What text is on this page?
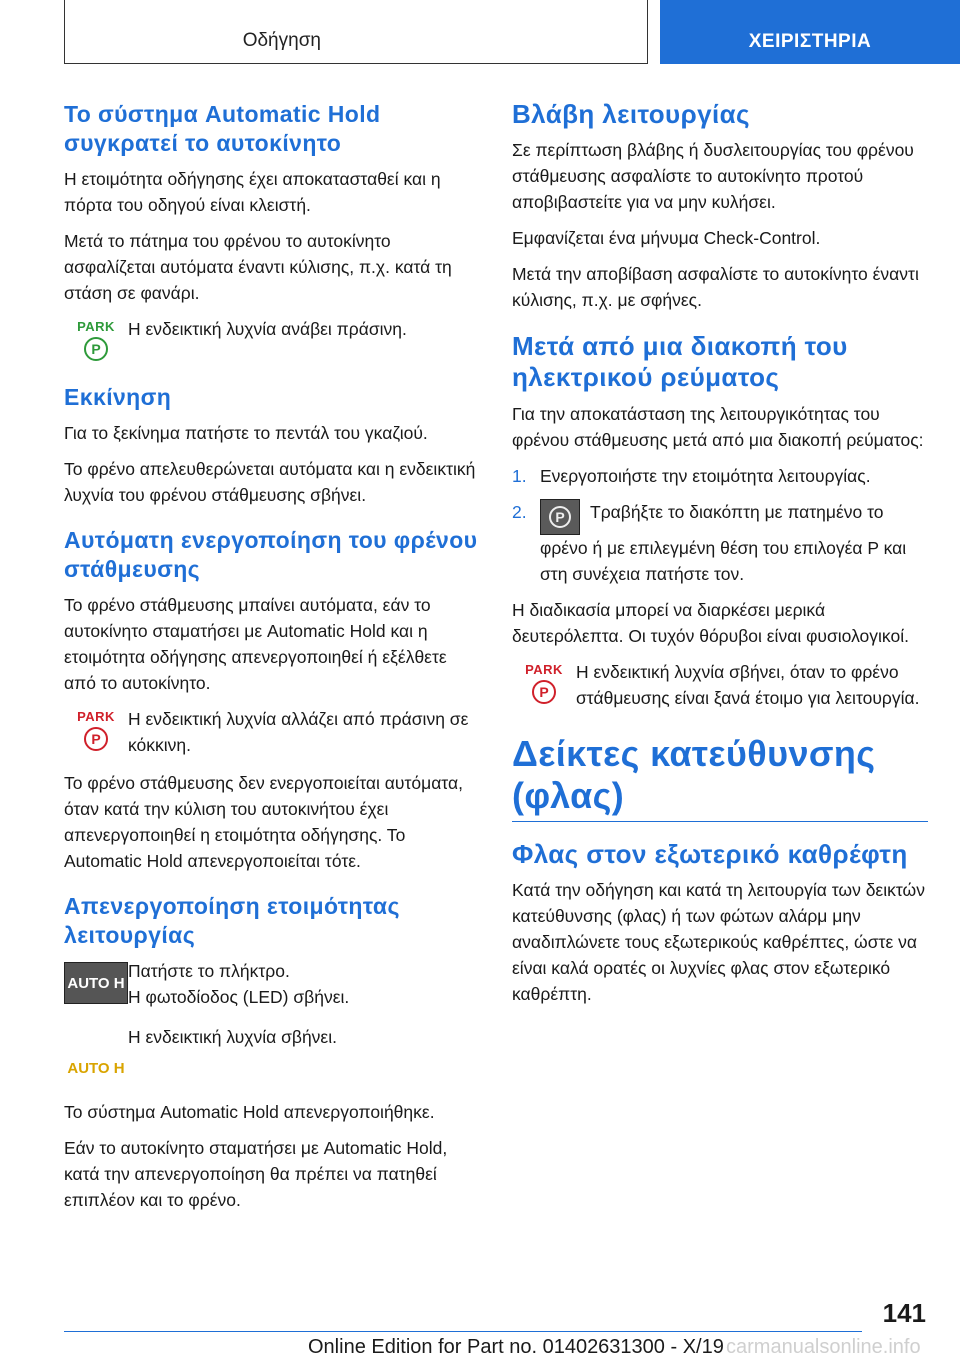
Οδήγηση	ΧΕΙΡΙΣΤΗΡΙΑ
Το σύστημα Automatic Hold συγκρατεί το αυτοκίνητο

Η ετοιμότητα οδήγησης έχει αποκατασταθεί και η πόρτα του οδηγού είναι κλειστή.

Μετά το πάτημα του φρένου το αυτοκίνητο ασφαλίζεται αυτόματα έναντι κύλισης, π.χ. κατά τη στάση σε φανάρι.

PARK
P

Η ενδεικτική λυχνία ανάβει πράσινη.

Εκκίνηση

Για το ξεκίνημα πατήστε το πεντάλ του γκαζιού.

Το φρένο απελευθερώνεται αυτόματα και η ενδεικτική λυχνία του φρένου στάθμευσης σβήνει.

Αυτόματη ενεργοποίηση του φρένου στάθμευσης

Το φρένο στάθμευσης μπαίνει αυτόματα, εάν το αυτοκίνητο σταματήσει με Automatic Hold και η ετοιμότητα οδήγησης απενεργοποιηθεί ή εξέλθετε από το αυτοκίνητο.

PARK
P

Η ενδεικτική λυχνία αλλάζει από πράσινη σε κόκκινη.

Το φρένο στάθμευσης δεν ενεργοποιείται αυτόματα, όταν κατά την κύλιση του αυτοκινήτου έχει απενεργοποιηθεί η ετοιμότητα οδήγησης. Το Automatic Hold απενεργοποιείται τότε.

Απενεργοποίηση ετοιμότητας λειτουργίας
AUTO H

Πατήστε το πλήκτρο.

Η φωτοδίοδος (LED) σβήνει.

AUTO H

Η ενδεικτική λυχνία σβήνει.

Το σύστημα Automatic Hold απενεργοποιήθηκε.

Εάν το αυτοκίνητο σταματήσει με Automatic Hold, κατά την απενεργοποίηση θα πρέπει να πατηθεί επιπλέον και το φρένο.

Βλάβη λειτουργίας

Σε περίπτωση βλάβης ή δυσλειτουργίας του φρένου στάθμευσης ασφαλίστε το αυτοκίνητο προτού αποβιβαστείτε για να μην κυλήσει.

Εμφανίζεται ένα μήνυμα Check-Control.

Μετά την αποβίβαση ασφαλίστε το αυτοκίνητο έναντι κύλισης, π.χ. με σφήνες.

Μετά από μια διακοπή του ηλεκτρικού ρεύματος

Για την αποκατάσταση της λειτουργικότητας του φρένου στάθμευσης μετά από μια διακοπή ρεύματος:

1. Ενεργοποιήστε την ετοιμότητα λειτουργίας.
2.	P	Τραβήξτε το διακόπτη με πατημένο το φρένο ή με επιλεγμένη θέση του επιλογέα P και στη συνέχεια πατήστε τον.

Η διαδικασία μπορεί να διαρκέσει μερικά δευτερόλεπτα. Οι τυχόν θόρυβοι είναι φυσιολογικοί.

PARK
P

Η ενδεικτική λυχνία σβήνει, όταν το φρένο στάθμευσης είναι ξανά έτοιμο για λειτουργία.

Δείκτες κατεύθυνσης (φλας)
Φλας στον εξωτερικό καθρέφτη

Κατά την οδήγηση και κατά τη λειτουργία των δεικτών κατεύθυνσης (φλας) ή των φώτων αλάρμ μην αναδιπλώνετε τους εξωτερικούς καθρέπτες, ώστε να είναι καλά ορατές οι λυχνίες φλας στον εξωτερικό καθρέπτη.

141
Online Edition for Part no. 01402631300 - X/19 carmanualsonline.info
